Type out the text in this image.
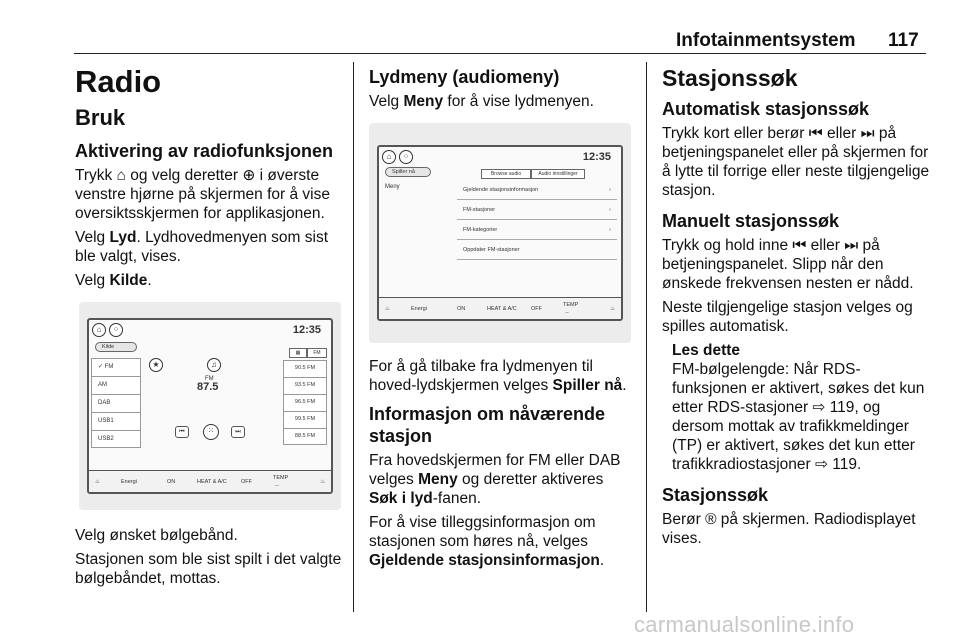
Infotainmentsystem 117
Radio
Bruk
Aktivering av radiofunksjonen

Trykk ⌂ og velg deretter ⊕ i øverste venstre hjørne på skjermen for å vise oversiktsskjermen for applikasjonen.

Velg Lyd. Lydhovedmenyen som sist ble valgt, vises.

Velg Kilde.

⌂	⁘	12:35
Kilde
✓ FM
AM
DAB
USB1
USB2
★	♫
FM
87.5
⏮	⁙	⏭
▦	FM
90.5 FM
93.5 FM
96.5 FM
99.5 FM
88.5 FM
♨	Energi	ON	HEAT & A/C	OFF
TEMP
--
♨

Velg ønsket bølgebånd.

Stasjonen som ble sist spilt i det valgte bølgebåndet, mottas.

Lydmeny (audiomeny)

Velg Meny for å vise lydmenyen.

⌂	⁘	12:35
Spiller nå
Meny
Browse audio	Audio innstillinger
Gjeldende stasjonsinformasjon	›
FM-stasjoner	›
FM-kategorier	›
Oppdater FM-stasjoner
♨	Energi	ON	HEAT & A/C	OFF
TEMP
--
♨

For å gå tilbake fra lydmenyen til hoved-lydskjermen velges Spiller nå.

Informasjon om nåværende stasjon

Fra hovedskjermen for FM eller DAB velges Meny og deretter aktiveres Søk i lyd-fanen.

For å vise tilleggsinformasjon om stasjonen som høres nå, velges Gjeldende stasjonsinformasjon.

Stasjonssøk
Automatisk stasjonssøk

Trykk kort eller berør ⏮ eller ⏭ på betjeningspanelet eller på skjermen for å lytte til forrige eller neste tilgjengelige stasjon.

Manuelt stasjonssøk

Trykk og hold inne ⏮ eller ⏭ på betjeningspanelet. Slipp når den ønskede frekvensen nesten er nådd.

Neste tilgjengelige stasjon velges og spilles automatisk.

Les dette
FM-bølgelengde: Når RDS-funksjonen er aktivert, søkes det kun etter RDS-stasjoner ⇨ 119, og dersom mottak av trafikkmeldinger (TP) er aktivert, søkes det kun etter trafikkradiostasjoner ⇨ 119.
Stasjonssøk

Berør ® på skjermen. Radiodisplayet vises.

carmanualsonline.info
